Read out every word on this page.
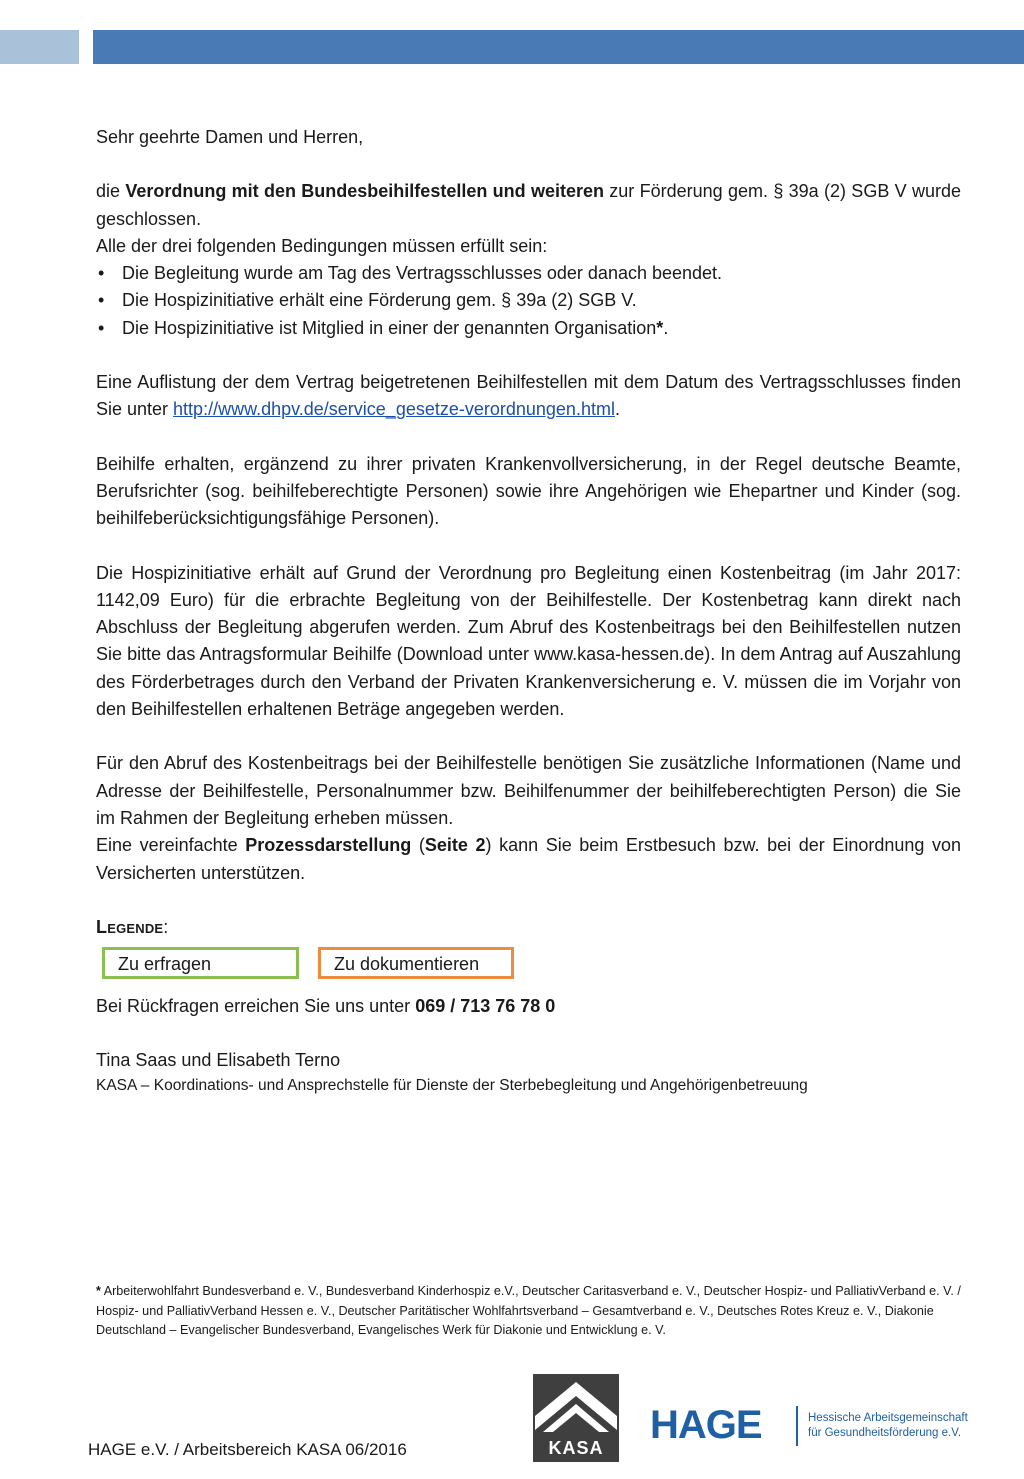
Sehr geehrte Damen und Herren,

die Verordnung mit den Bundesbeihilfestellen und weiteren zur Förderung gem. § 39a (2) SGB V wurde geschlossen.

Alle der drei folgenden Bedingungen müssen erfüllt sein:

• Die Begleitung wurde am Tag des Vertragsschlusses oder danach beendet.

• Die Hospizinitiative erhält eine Förderung gem. § 39a (2) SGB V.

• Die Hospizinitiative ist Mitglied in einer der genannten Organisation*.

Eine Auflistung der dem Vertrag beigetretenen Beihilfestellen mit dem Datum des Vertragsschlusses finden Sie unter http://www.dhpv.de/service_gesetze-verordnungen.html.

Beihilfe erhalten, ergänzend zu ihrer privaten Krankenvollversicherung, in der Regel deutsche Beamte, Berufsrichter (sog. beihilfeberechtigte Personen) sowie ihre Angehörigen wie Ehepartner und Kinder (sog. beihilfeberücksichtigungsfähige Personen).

Die Hospizinitiative erhält auf Grund der Verordnung pro Begleitung einen Kostenbeitrag (im Jahr 2017: 1142,09 Euro) für die erbrachte Begleitung von der Beihilfestelle. Der Kostenbetrag kann direkt nach Abschluss der Begleitung abgerufen werden. Zum Abruf des Kostenbeitrags bei den Beihilfestellen nutzen Sie bitte das Antragsformular Beihilfe (Download unter www.kasa-hessen.de). In dem Antrag auf Auszahlung des Förderbetrages durch den Verband der Privaten Krankenversicherung e. V. müssen die im Vorjahr von den Beihilfestellen erhaltenen Beträge angegeben werden.

Für den Abruf des Kostenbeitrags bei der Beihilfestelle benötigen Sie zusätzliche Informationen (Name und Adresse der Beihilfestelle, Personalnummer bzw. Beihilfenummer der beihilfeberechtigten Person) die Sie im Rahmen der Begleitung erheben müssen.

Eine vereinfachte Prozessdarstellung (Seite 2) kann Sie beim Erstbesuch bzw. bei der Einordnung von Versicherten unterstützen.

Legende:

Zu erfragen	Zu dokumentieren

Bei Rückfragen erreichen Sie uns unter 069 / 713 76 78 0

Tina Saas und Elisabeth Terno

KASA – Koordinations- und Ansprechstelle für Dienste der Sterbebegleitung und Angehörigenbetreuung

* Arbeiterwohlfahrt Bundesverband e. V., Bundesverband Kinderhospiz e.V., Deutscher Caritasverband e. V., Deutscher Hospiz- und PalliativVerband e. V. / Hospiz- und PalliativVerband Hessen e. V., Deutscher Paritätischer Wohlfahrtsverband – Gesamtverband e. V., Deutsches Rotes Kreuz e. V., Diakonie Deutschland – Evangelischer Bundesverband, Evangelisches Werk für Diakonie und Entwicklung e. V.
KASA
HAGE	Hessische Arbeitsgemeinschaft
für Gesundheitsförderung e.V.
HAGE e.V. / Arbeitsbereich KASA 06/2016
